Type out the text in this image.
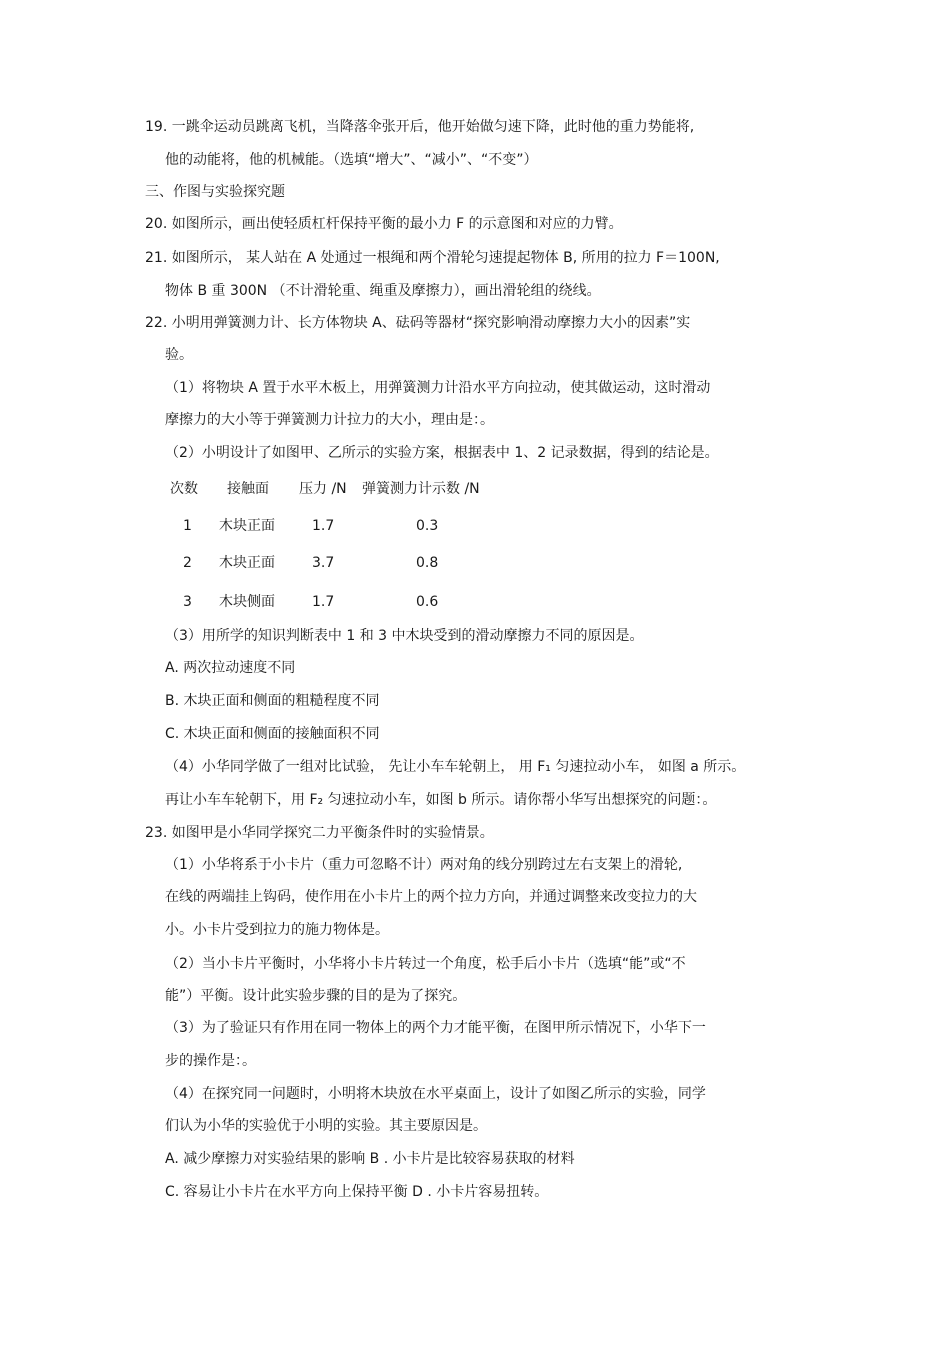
19. 一跳伞运动员跳离飞机，当降落伞张开后，他开始做匀速下降，此时他的重力势能将,
他的动能将，他的机械能。（选填“增大”、“减小”、“不变”）
三、作图与实验探究题
20. 如图所示，画出使轻质杠杆保持平衡的最小力 F 的示意图和对应的力臂。
21. 如图所示， 某人站在 A 处通过一根绳和两个滑轮匀速提起物体 B, 所用的拉力 F＝100N,
物体 B 重 300N （不计滑轮重、绳重及摩擦力），画出滑轮组的绕线。
22. 小明用弹簧测力计、长方体物块 A、砝码等器材“探究影响滑动摩擦力大小的因素”实
验。
（1）将物块 A 置于水平木板上，用弹簧测力计沿水平方向拉动，使其做运动，这时滑动
摩擦力的大小等于弹簧测力计拉力的大小，理由是：。
（2）小明设计了如图甲、乙所示的实验方案，根据表中 1、2 记录数据，得到的结论是。
次数 接触面 压力 /N 弹簧测力计示数 /N
1 木块正面	1.7	0.3
2 木块正面	3.7	0.8
3 木块侧面	1.7	0.6
（3）用所学的知识判断表中 1 和 3 中木块受到的滑动摩擦力不同的原因是。
A. 两次拉动速度不同
B. 木块正面和侧面的粗糙程度不同
C. 木块正面和侧面的接触面积不同
（4）小华同学做了一组对比试验， 先让小车车轮朝上， 用 F₁ 匀速拉动小车， 如图 a 所示。
再让小车车轮朝下，用 F₂ 匀速拉动小车，如图 b 所示。请你帮小华写出想探究的问题：。
23. 如图甲是小华同学探究二力平衡条件时的实验情景。
（1）小华将系于小卡片（重力可忽略不计）两对角的线分别跨过左右支架上的滑轮,
在线的两端挂上钩码，使作用在小卡片上的两个拉力方向，并通过调整来改变拉力的大
小。小卡片受到拉力的施力物体是。
（2）当小卡片平衡时，小华将小卡片转过一个角度，松手后小卡片（选填“能”或“不
能”）平衡。设计此实验步骤的目的是为了探究。
（3）为了验证只有作用在同一物体上的两个力才能平衡，在图甲所示情况下，小华下一
步的操作是：。
（4）在探究同一问题时，小明将木块放在水平桌面上，设计了如图乙所示的实验，同学
们认为小华的实验优于小明的实验。其主要原因是。
A. 减少摩擦力对实验结果的影响 B . 小卡片是比较容易获取的材料
C. 容易让小卡片在水平方向上保持平衡 D . 小卡片容易扭转。
